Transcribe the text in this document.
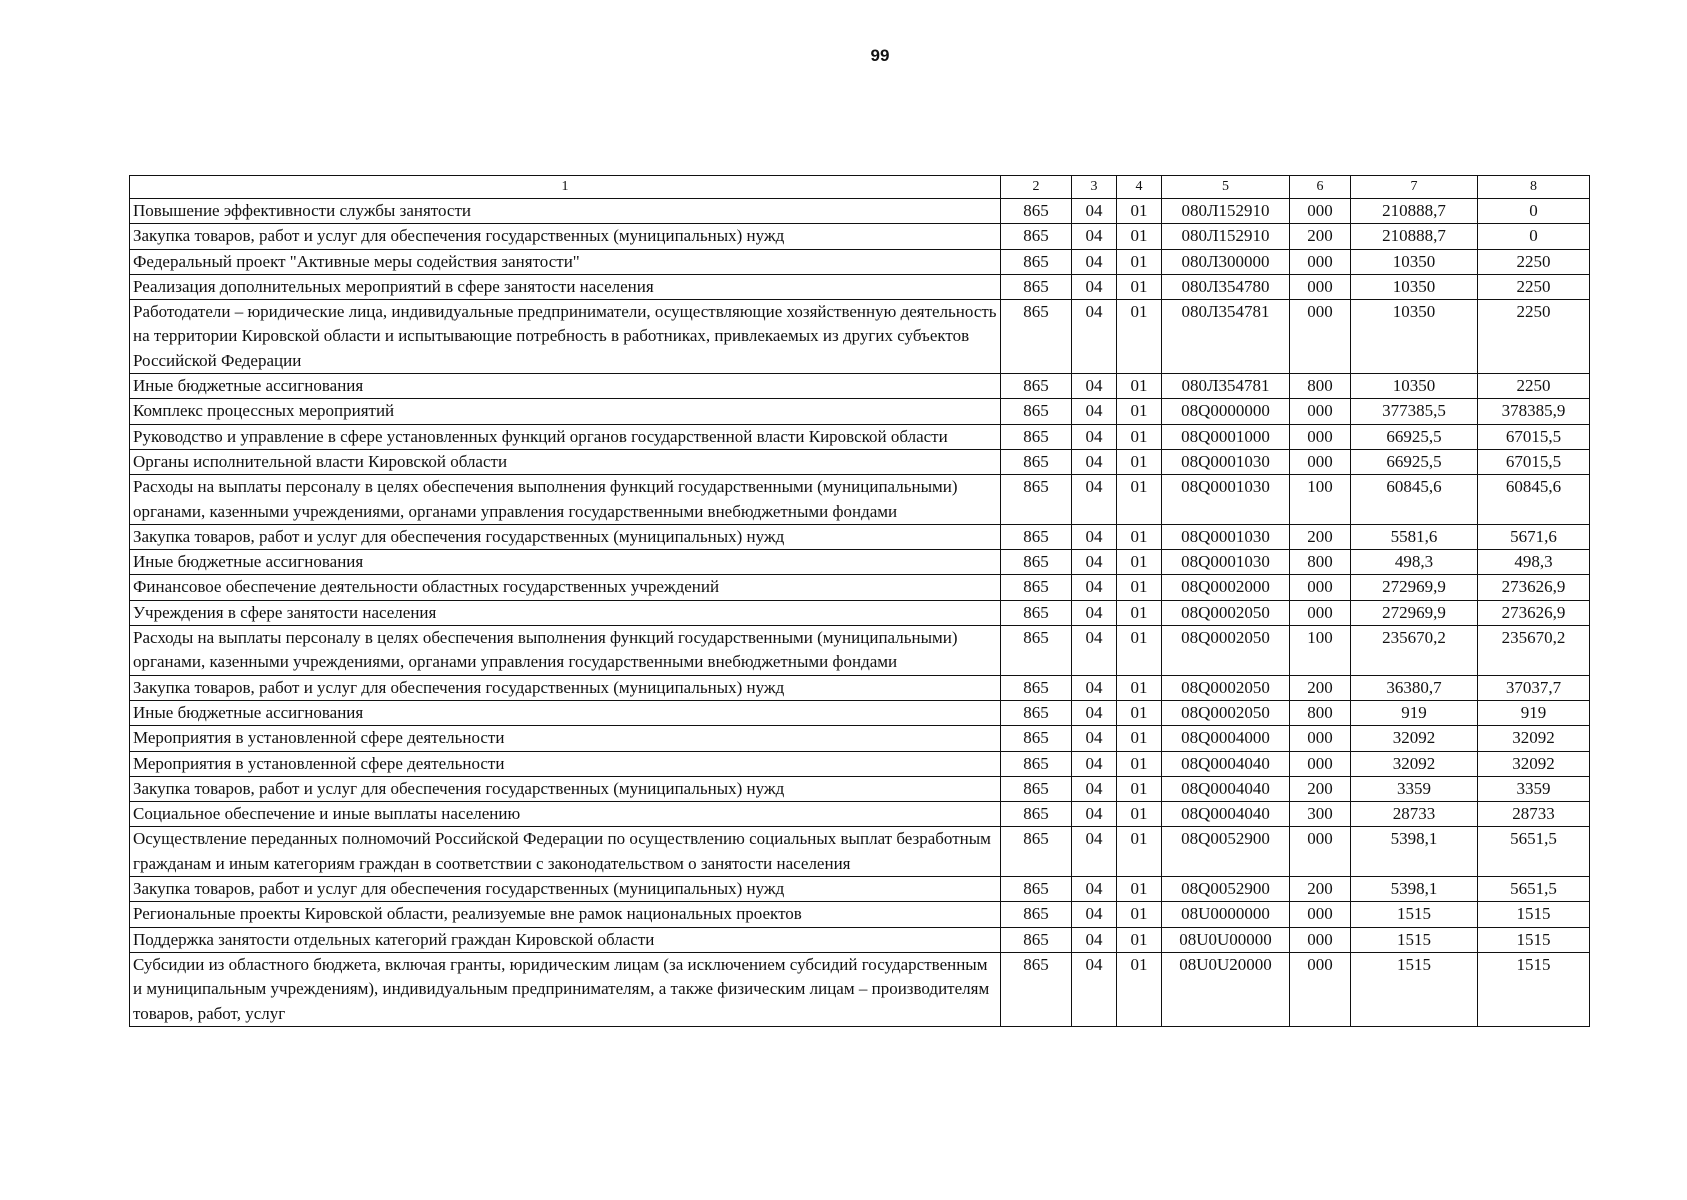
99
1	2	3	4	5	6	7	8
Повышение эффективности службы занятости	865	04	01	080Л152910	000	210888,7	0
Закупка товаров, работ и услуг для обеспечения государственных (муниципальных) нужд	865	04	01	080Л152910	200	210888,7	0
Федеральный проект "Активные меры содействия занятости"	865	04	01	080Л300000	000	10350	2250
Реализация дополнительных мероприятий в сфере занятости населения	865	04	01	080Л354780	000	10350	2250
Работодатели – юридические лица, индивидуальные предприниматели, осуществляющие хозяйственную деятельность на территории Кировской области и испытывающие потребность в работниках, привлекаемых из других субъектов Российской Федерации	865	04	01	080Л354781	000	10350	2250
Иные бюджетные ассигнования	865	04	01	080Л354781	800	10350	2250
Комплекс процессных мероприятий	865	04	01	08Q0000000	000	377385,5	378385,9
Руководство и управление в сфере установленных функций органов государственной власти Кировской области	865	04	01	08Q0001000	000	66925,5	67015,5
Органы исполнительной власти Кировской области	865	04	01	08Q0001030	000	66925,5	67015,5
Расходы на выплаты персоналу в целях обеспечения выполнения функций государственными (муниципальными) органами, казенными учреждениями, органами управления государственными внебюджетными фондами	865	04	01	08Q0001030	100	60845,6	60845,6
Закупка товаров, работ и услуг для обеспечения государственных (муниципальных) нужд	865	04	01	08Q0001030	200	5581,6	5671,6
Иные бюджетные ассигнования	865	04	01	08Q0001030	800	498,3	498,3
Финансовое обеспечение деятельности областных государственных учреждений	865	04	01	08Q0002000	000	272969,9	273626,9
Учреждения в сфере занятости населения	865	04	01	08Q0002050	000	272969,9	273626,9
Расходы на выплаты персоналу в целях обеспечения выполнения функций государственными (муниципальными) органами, казенными учреждениями, органами управления государственными внебюджетными фондами	865	04	01	08Q0002050	100	235670,2	235670,2
Закупка товаров, работ и услуг для обеспечения государственных (муниципальных) нужд	865	04	01	08Q0002050	200	36380,7	37037,7
Иные бюджетные ассигнования	865	04	01	08Q0002050	800	919	919
Мероприятия в установленной сфере деятельности	865	04	01	08Q0004000	000	32092	32092
Мероприятия в установленной сфере деятельности	865	04	01	08Q0004040	000	32092	32092
Закупка товаров, работ и услуг для обеспечения государственных (муниципальных) нужд	865	04	01	08Q0004040	200	3359	3359
Социальное обеспечение и иные выплаты населению	865	04	01	08Q0004040	300	28733	28733
Осуществление переданных полномочий Российской Федерации по осуществлению социальных выплат безработным гражданам и иным категориям граждан в соответствии с законодательством о занятости населения	865	04	01	08Q0052900	000	5398,1	5651,5
Закупка товаров, работ и услуг для обеспечения государственных (муниципальных) нужд	865	04	01	08Q0052900	200	5398,1	5651,5
Региональные проекты Кировской области, реализуемые вне рамок национальных проектов	865	04	01	08U0000000	000	1515	1515
Поддержка занятости отдельных категорий граждан Кировской области	865	04	01	08U0U00000	000	1515	1515
Субсидии из областного бюджета, включая гранты, юридическим лицам (за исключением субсидий государственным и муниципальным учреждениям), индивидуальным предпринимателям, а также физическим лицам – производителям товаров, работ, услуг	865	04	01	08U0U20000	000	1515	1515
